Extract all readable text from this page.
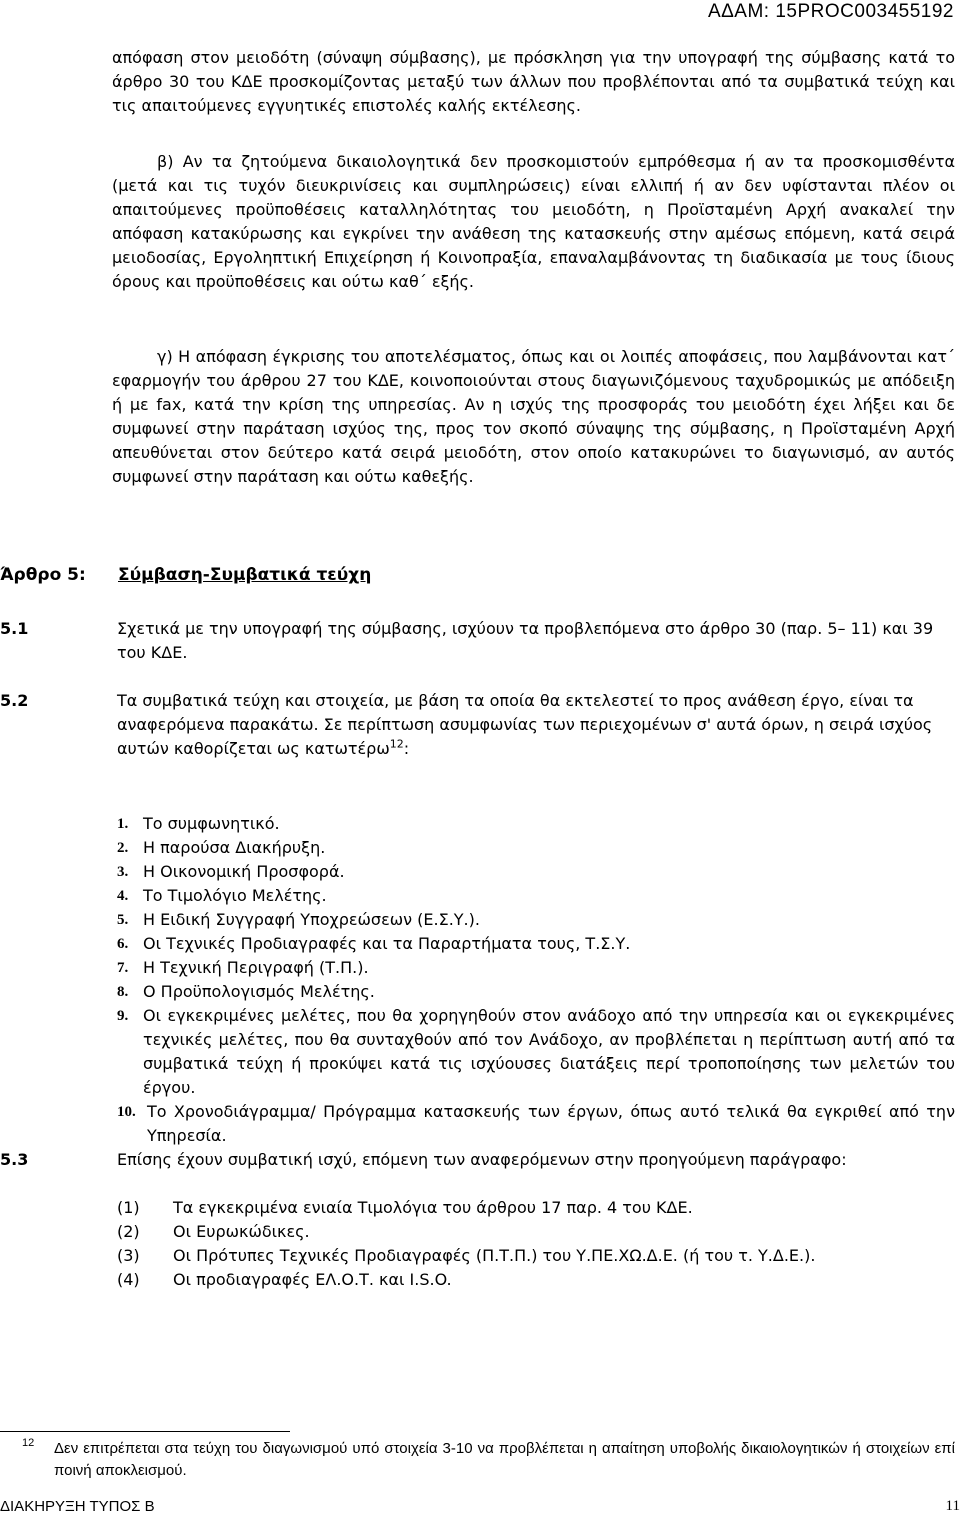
ΑΔΑΜ: 15PROC003455192
απόφαση στον μειοδότη (σύναψη σύμβασης), με πρόσκληση για την υπογραφή της σύμβασης κατά το άρθρο 30 του ΚΔΕ προσκομίζοντας μεταξύ των άλλων που προβλέπονται από τα συμβατικά τεύχη και τις απαιτούμενες εγγυητικές επιστολές καλής εκτέλεσης.
β) Αν τα ζητούμενα δικαιολογητικά δεν προσκομιστούν εμπρόθεσμα ή αν τα προσκομισθέντα (μετά και τις τυχόν διευκρινίσεις και συμπληρώσεις) είναι ελλιπή ή αν δεν υφίστανται πλέον οι απαιτούμενες προϋποθέσεις καταλληλότητας του μειοδότη, η Προϊσταμένη Αρχή ανακαλεί την απόφαση κατακύρωσης και εγκρίνει την ανάθεση της κατασκευής στην αμέσως επόμενη, κατά σειρά μειοδοσίας, Εργοληπτική Επιχείρηση ή Κοινοπραξία, επαναλαμβάνοντας τη διαδικασία με τους ίδιους όρους και προϋποθέσεις και ούτω καθ΄ εξής.
γ) Η απόφαση έγκρισης του αποτελέσματος, όπως και οι λοιπές αποφάσεις, που λαμβάνονται κατ΄ εφαρμογήν του άρθρου 27 του ΚΔΕ, κοινοποιούνται στους διαγωνιζόμενους ταχυδρομικώς με απόδειξη ή με fax, κατά την κρίση της υπηρεσίας. Αν η ισχύς της προσφοράς του μειοδότη έχει λήξει και δε συμφωνεί στην παράταση ισχύος της, προς τον σκοπό σύναψης της σύμβασης, η Προϊσταμένη Αρχή απευθύνεται στον δεύτερο κατά σειρά μειοδότη, στον οποίο κατακυρώνει το διαγωνισμό, αν αυτός συμφωνεί στην παράταση και ούτω καθεξής.
Άρθρο 5: Σύμβαση-Συμβατικά τεύχη
5.1	Σχετικά με την υπογραφή της σύμβασης, ισχύουν τα προβλεπόμενα στο άρθρο 30 (παρ. 5– 11) και 39 του ΚΔΕ.
5.2	Τα συμβατικά τεύχη και στοιχεία, με βάση τα οποία θα εκτελεστεί το προς ανάθεση έργο, είναι τα αναφερόμενα παρακάτω. Σε περίπτωση ασυμφωνίας των περιεχομένων σ' αυτά όρων, η σειρά ισχύος αυτών καθορίζεται ως κατωτέρω$^{12}$:
1. Το συμφωνητικό.
2. Η παρούσα Διακήρυξη.
3. Η Οικονομική Προσφορά.
4. Το Τιμολόγιο Μελέτης.
5. Η Ειδική Συγγραφή Υποχρεώσεων (Ε.Σ.Υ.).
6. Οι Τεχνικές Προδιαγραφές και τα Παραρτήματα τους, Τ.Σ.Υ.
7. Η Τεχνική Περιγραφή (Τ.Π.).
8. Ο Προϋπολογισμός Μελέτης.
9. Οι εγκεκριμένες μελέτες, που θα χορηγηθούν στον ανάδοχο από την υπηρεσία και οι εγκεκριμένες τεχνικές μελέτες, που θα συνταχθούν από τον Ανάδοχο, αν προβλέπεται η περίπτωση αυτή από τα συμβατικά τεύχη ή προκύψει κατά τις ισχύουσες διατάξεις περί τροποποίησης των μελετών του έργου.
10. Το Χρονοδιάγραμμα/ Πρόγραμμα κατασκευής των έργων, όπως αυτό τελικά θα εγκριθεί από την Υπηρεσία.
5.3	Επίσης έχουν συμβατική ισχύ, επόμενη των αναφερόμενων στην προηγούμενη παράγραφο:
(1) Τα εγκεκριμένα ενιαία Τιμολόγια του άρθρου 17 παρ. 4 του ΚΔΕ.
(2) Οι Ευρωκώδικες.
(3) Οι Πρότυπες Τεχνικές Προδιαγραφές (Π.Τ.Π.) του Υ.ΠΕ.ΧΩ.Δ.Ε. (ή του τ. Υ.Δ.Ε.).
(4) Οι προδιαγραφές ΕΛ.Ο.Τ. και I.S.O.
12 Δεν επιτρέπεται στα τεύχη του διαγωνισμού υπό στοιχεία 3-10 να προβλέπεται η απαίτηση υποβολής δικαιολογητικών ή στοιχείων επί ποινή αποκλεισμού.
ΔΙΑΚΗΡΥΞΗ ΤΥΠΟΣ Β	11
